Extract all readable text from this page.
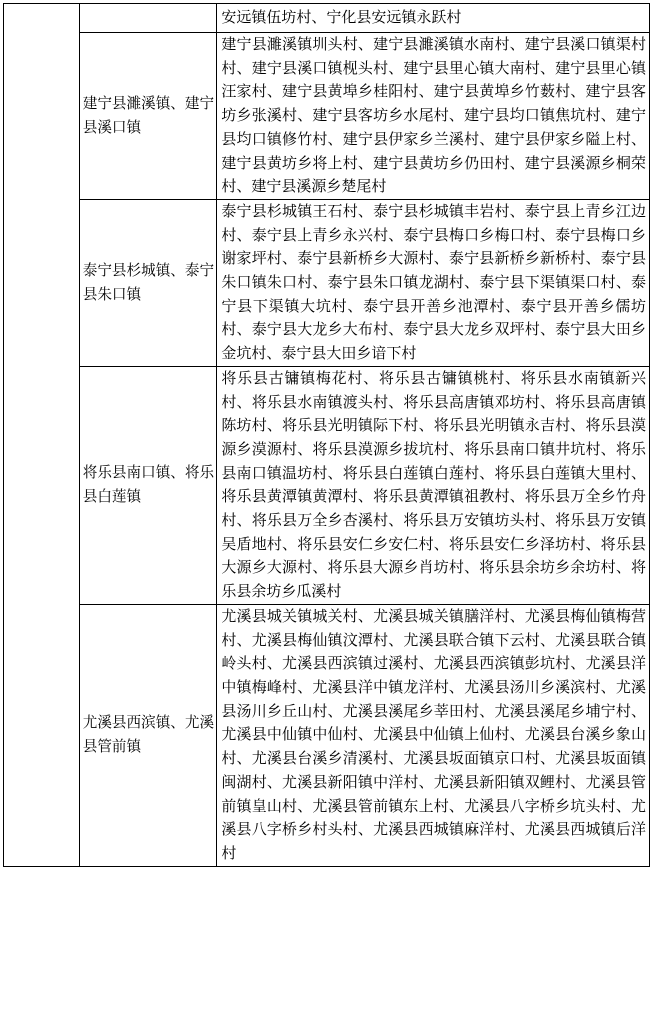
		安远镇伍坊村、宁化县安远镇永跃村
	建宁县濉溪镇、建宁县溪口镇	建宁县濉溪镇圳头村、建宁县濉溪镇水南村、建宁县溪口镇渠村村、建宁县溪口镇枧头村、建宁县里心镇大南村、建宁县里心镇汪家村、建宁县黄埠乡桂阳村、建宁县黄埠乡竹薮村、建宁县客坊乡张溪村、建宁县客坊乡水尾村、建宁县均口镇焦坑村、建宁县均口镇修竹村、建宁县伊家乡兰溪村、建宁县伊家乡隘上村、建宁县黄坊乡将上村、建宁县黄坊乡仍田村、建宁县溪源乡桐荣村、建宁县溪源乡楚尾村
	泰宁县杉城镇、泰宁县朱口镇	泰宁县杉城镇王石村、泰宁县杉城镇丰岩村、泰宁县上青乡江边村、泰宁县上青乡永兴村、泰宁县梅口乡梅口村、泰宁县梅口乡谢家坪村、泰宁县新桥乡大源村、泰宁县新桥乡新桥村、泰宁县朱口镇朱口村、泰宁县朱口镇龙湖村、泰宁县下渠镇渠口村、泰宁县下渠镇大坑村、泰宁县开善乡池潭村、泰宁县开善乡儒坊村、泰宁县大龙乡大布村、泰宁县大龙乡双坪村、泰宁县大田乡金坑村、泰宁县大田乡谙下村
	将乐县南口镇、将乐县白莲镇	将乐县古镛镇梅花村、将乐县古镛镇桃村、将乐县水南镇新兴村、将乐县水南镇渡头村、将乐县高唐镇邓坊村、将乐县高唐镇陈坊村、将乐县光明镇际下村、将乐县光明镇永吉村、将乐县漠源乡漠源村、将乐县漠源乡拔坑村、将乐县南口镇井坑村、将乐县南口镇温坊村、将乐县白莲镇白莲村、将乐县白莲镇大里村、将乐县黄潭镇黄潭村、将乐县黄潭镇祖教村、将乐县万全乡竹舟村、将乐县万全乡杏溪村、将乐县万安镇坊头村、将乐县万安镇吴盾地村、将乐县安仁乡安仁村、将乐县安仁乡泽坊村、将乐县大源乡大源村、将乐县大源乡肖坊村、将乐县余坊乡余坊村、将乐县余坊乡瓜溪村
	尤溪县西滨镇、尤溪县管前镇	尤溪县城关镇城关村、尤溪县城关镇膳洋村、尤溪县梅仙镇梅营村、尤溪县梅仙镇汶潭村、尤溪县联合镇下云村、尤溪县联合镇岭头村、尤溪县西滨镇过溪村、尤溪县西滨镇彭坑村、尤溪县洋中镇梅峰村、尤溪县洋中镇龙洋村、尤溪县汤川乡溪滨村、尤溪县汤川乡丘山村、尤溪县溪尾乡莘田村、尤溪县溪尾乡埔宁村、尤溪县中仙镇中仙村、尤溪县中仙镇上仙村、尤溪县台溪乡象山村、尤溪县台溪乡清溪村、尤溪县坂面镇京口村、尤溪县坂面镇闽湖村、尤溪县新阳镇中洋村、尤溪县新阳镇双鲤村、尤溪县管前镇皇山村、尤溪县管前镇东上村、尤溪县八字桥乡坑头村、尤溪县八字桥乡村头村、尤溪县西城镇麻洋村、尤溪县西城镇后洋村
